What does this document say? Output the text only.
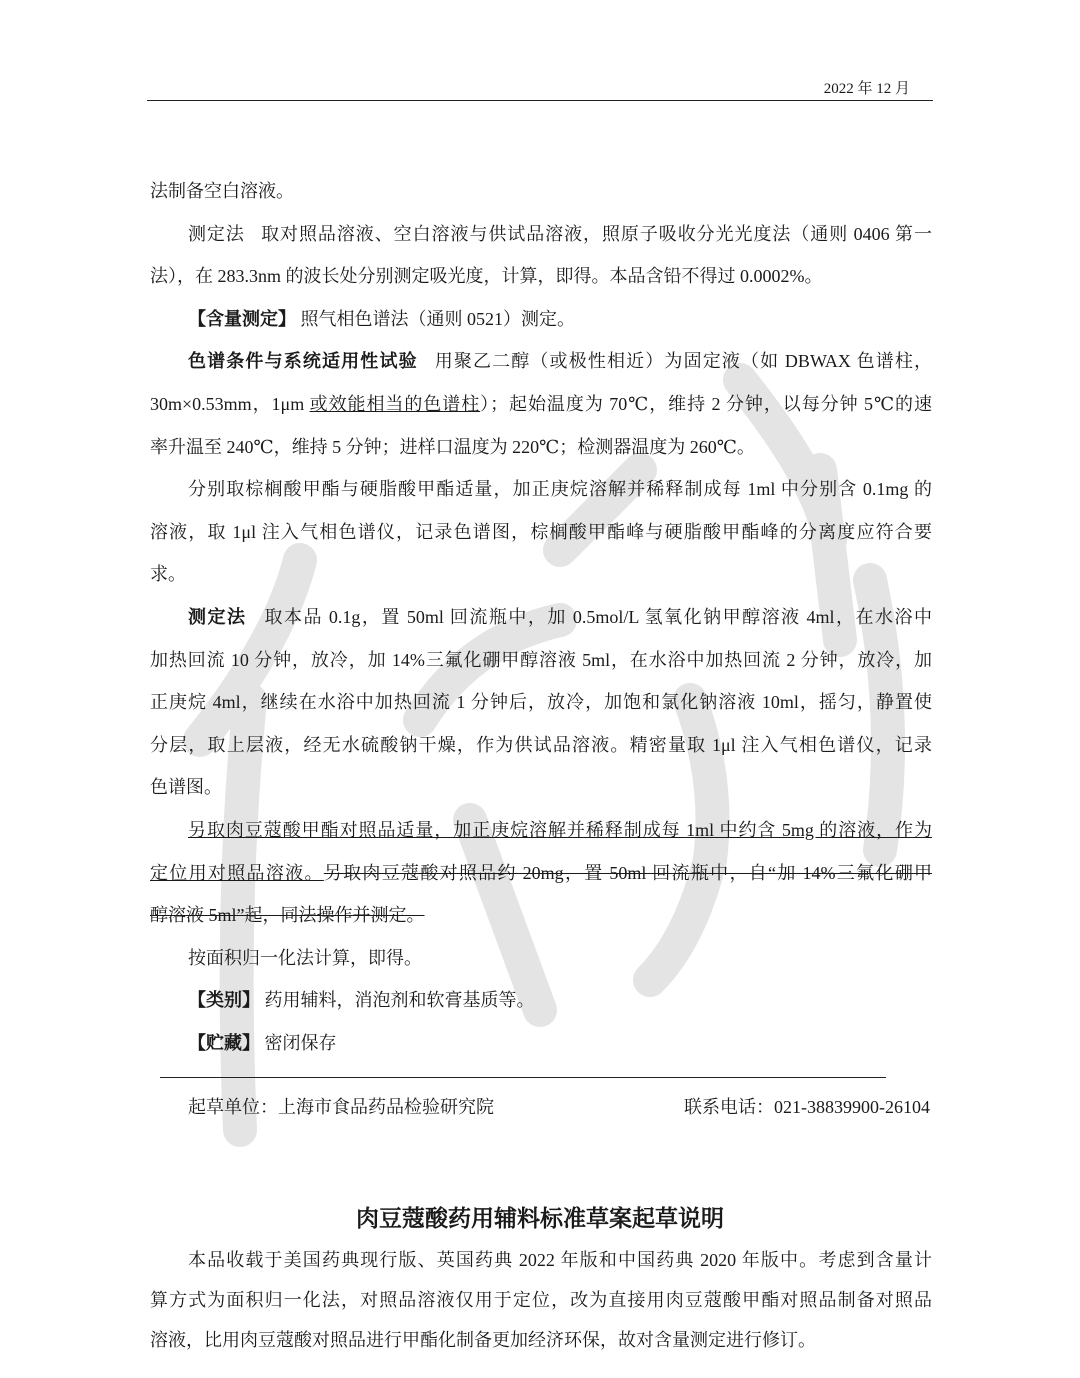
2022 年 12 月
法制备空白溶液。
测定法 取对照品溶液、空白溶液与供试品溶液，照原子吸收分光光度法（通则 0406 第一
法），在 283.3nm 的波长处分别测定吸光度，计算，即得。本品含铅不得过 0.0002%。
【含量测定】 照气相色谱法（通则 0521）测定。
色谱条件与系统适用性试验 用聚乙二醇（或极性相近）为固定液（如 DBWAX 色谱柱，
30m×0.53mm，1μm 或效能相当的色谱柱）；起始温度为 70℃，维持 2 分钟，以每分钟 5℃的速
率升温至 240℃，维持 5 分钟；进样口温度为 220℃；检测器温度为 260℃。
分别取棕榈酸甲酯与硬脂酸甲酯适量，加正庚烷溶解并稀释制成每 1ml 中分别含 0.1mg 的
溶液，取 1μl 注入气相色谱仪，记录色谱图，棕榈酸甲酯峰与硬脂酸甲酯峰的分离度应符合要
求。
测定法 取本品 0.1g，置 50ml 回流瓶中，加 0.5mol/L 氢氧化钠甲醇溶液 4ml，在水浴中
加热回流 10 分钟，放冷，加 14%三氟化硼甲醇溶液 5ml，在水浴中加热回流 2 分钟，放冷，加
正庚烷 4ml，继续在水浴中加热回流 1 分钟后，放冷，加饱和氯化钠溶液 10ml，摇匀，静置使
分层，取上层液，经无水硫酸钠干燥，作为供试品溶液。精密量取 1μl 注入气相色谱仪，记录
色谱图。
另取肉豆蔻酸甲酯对照品适量，加正庚烷溶解并稀释制成每 1ml 中约含 5mg 的溶液，作为
定位用对照品溶液。另取肉豆蔻酸对照品约 20mg，置 50ml 回流瓶中，自“加 14%三氟化硼甲
醇溶液 5ml”起，同法操作并测定。
按面积归一化法计算，即得。
【类别】 药用辅料，消泡剂和软膏基质等。
【贮藏】 密闭保存
起草单位：上海市食品药品检验研究院	联系电话：021-38839900-26104
肉豆蔻酸药用辅料标准草案起草说明
本品收载于美国药典现行版、英国药典 2022 年版和中国药典 2020 年版中。考虑到含量计
算方式为面积归一化法，对照品溶液仅用于定位，改为直接用肉豆蔻酸甲酯对照品制备对照品
溶液，比用肉豆蔻酸对照品进行甲酯化制备更加经济环保，故对含量测定进行修订。
